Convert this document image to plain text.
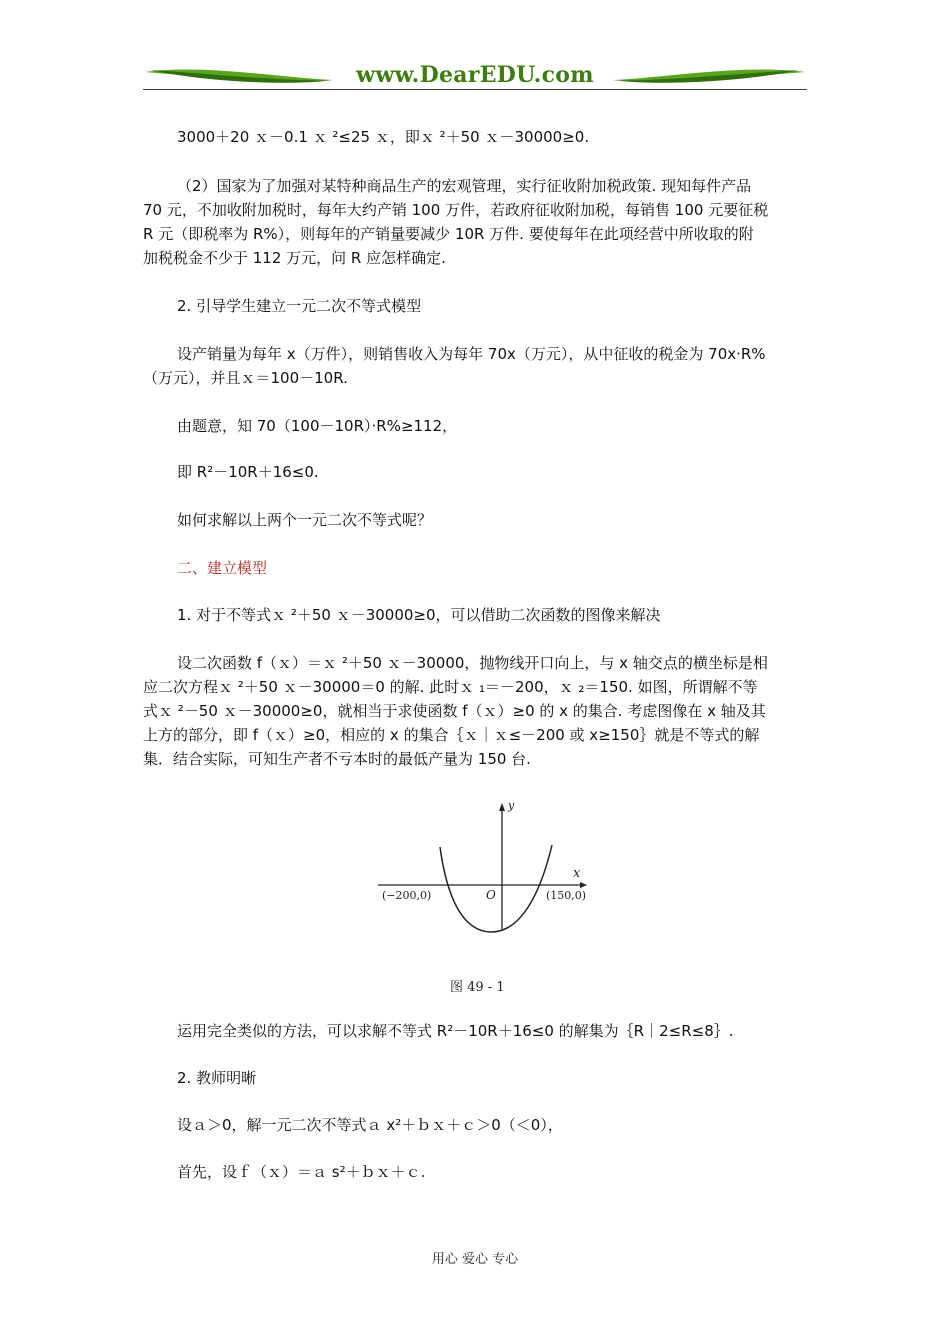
www.DearEDU.com
3000＋20 ｘ－0.1 ｘ ²≤25 ｘ，即ｘ ²＋50 ｘ－30000≥0.
（2）国家为了加强对某特种商品生产的宏观管理，实行征收附加税政策. 现知每件产品
70 元，不加收附加税时，每年大约产销 100 万件，若政府征收附加税，每销售 100 元要征税
R 元（即税率为 R%），则每年的产销量要减少 10R 万件. 要使每年在此项经营中所收取的附
加税税金不少于 112 万元，问 R 应怎样确定.
2. 引导学生建立一元二次不等式模型
设产销量为每年 x（万件），则销售收入为每年 70x（万元），从中征收的税金为 70x·R%
（万元），并且ｘ＝100－10R.
由题意，知 70（100－10R）·R%≥112，
即 R²－10R＋16≤0.
如何求解以上两个一元二次不等式呢？
二、建立模型
1. 对于不等式ｘ ²＋50 ｘ－30000≥0，可以借助二次函数的图像来解决
设二次函数 f（ｘ）＝ｘ ²＋50 ｘ－30000，抛物线开口向上，与 x 轴交点的横坐标是相
应二次方程ｘ ²＋50 ｘ－30000＝0 的解. 此时ｘ ₁＝－200，ｘ ₂＝150. 如图，所谓解不等
式ｘ ²－50 ｘ－30000≥0，就相当于求使函数 f（ｘ）≥0 的 x 的集合. 考虑图像在 x 轴及其
上方的部分，即 f（ｘ）≥0，相应的 x 的集合｛ｘ｜ｘ≤－200 或 x≥150｝就是不等式的解
集．结合实际，可知生产者不亏本时的最低产量为 150 台.
y
x
O
(−200,0)	(150,0)
图 49 - 1
运用完全类似的方法，可以求解不等式 R²－10R＋16≤0 的解集为｛R｜2≤R≤8｝.
2. 教师明晰
设ａ＞0，解一元二次不等式ａ x²＋ｂｘ＋ｃ＞0（＜0），
首先，设ｆ（ｘ）＝ａ s²＋ｂｘ＋ｃ.
用心 爱心 专心
